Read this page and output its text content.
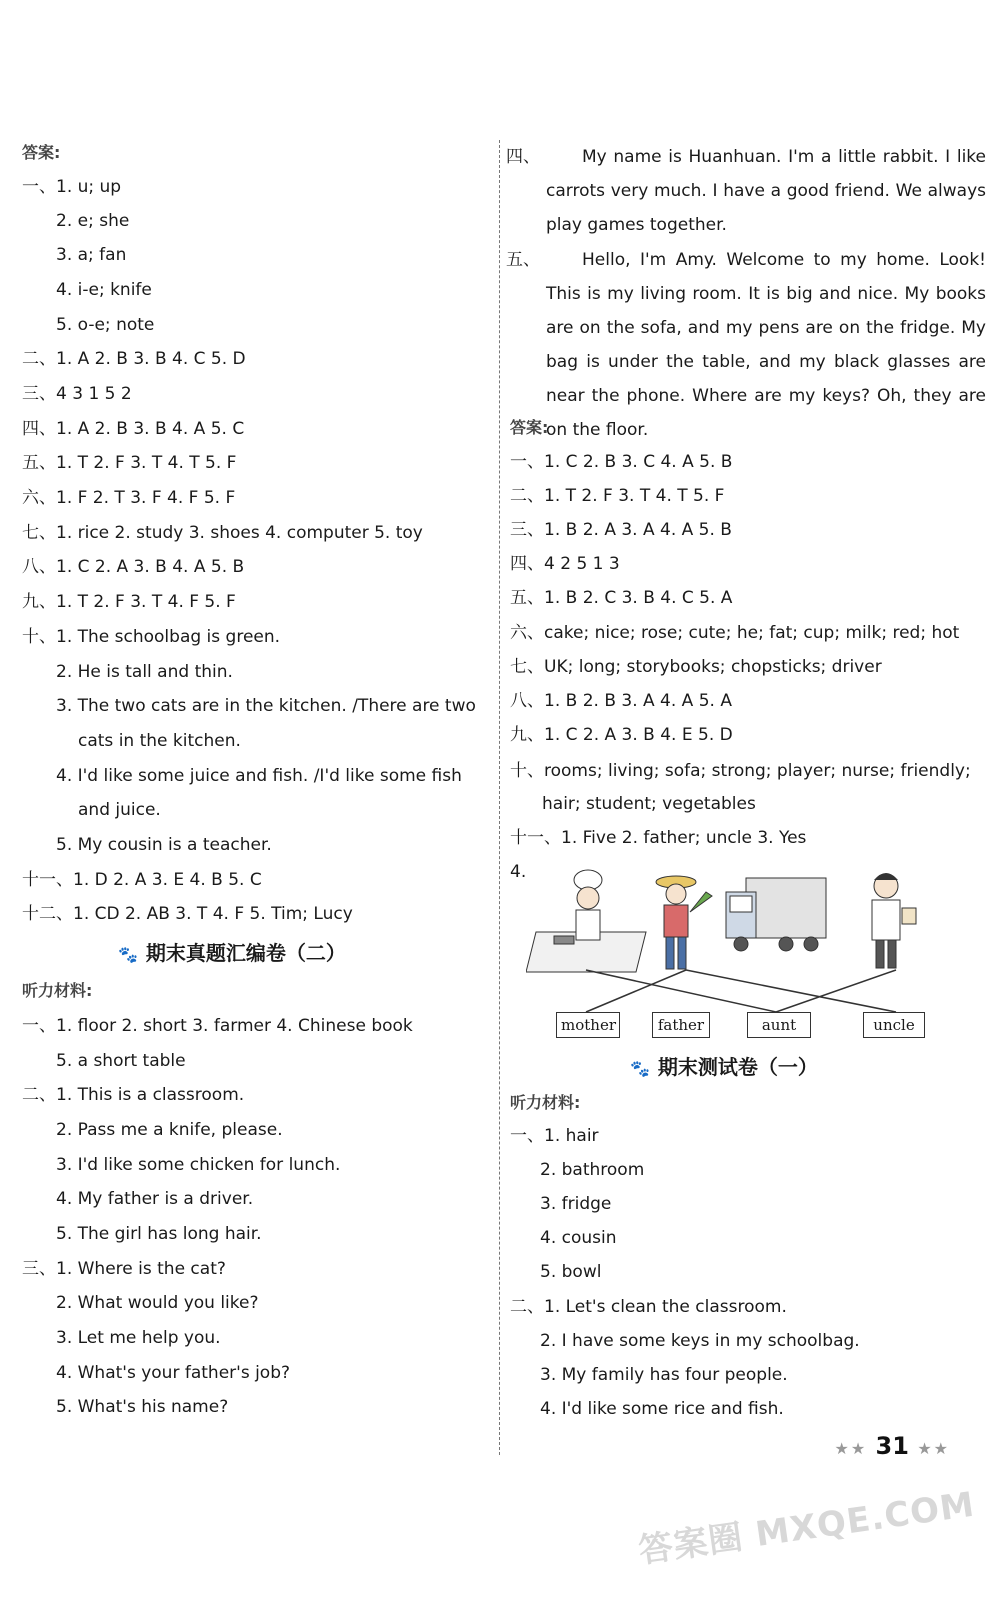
答案:
一、1. u; up
2. e; she
3. a; fan
4. i-e; knife
5. o-e; note
二、1. A 2. B 3. B 4. C 5. D
三、4 3 1 5 2
四、1. A 2. B 3. B 4. A 5. C
五、1. T 2. F 3. T 4. T 5. F
六、1. F 2. T 3. F 4. F 5. F
七、1. rice 2. study 3. shoes 4. computer 5. toy
八、1. C 2. A 3. B 4. A 5. B
九、1. T 2. F 3. T 4. F 5. F
十、1. The schoolbag is green.
2. He is tall and thin.
3. The two cats are in the kitchen. /There are two
cats in the kitchen.
4. I'd like some juice and fish. /I'd like some fish
and juice.
5. My cousin is a teacher.
十一、1. D 2. A 3. E 4. B 5. C
十二、1. CD 2. AB 3. T 4. F 5. Tim; Lucy
🐾 期末真题汇编卷（二）
听力材料:
一、1. floor 2. short 3. farmer 4. Chinese book
5. a short table
二、1. This is a classroom.
2. Pass me a knife, please.
3. I'd like some chicken for lunch.
4. My father is a driver.
5. The girl has long hair.
三、1. Where is the cat?
2. What would you like?
3. Let me help you.
4. What's your father's job?
5. What's his name?
四、	My name is Huanhuan. I'm a little rabbit. I like carrots very much. I have a good friend. We always play games together.
五、	Hello, I'm Amy. Welcome to my home. Look! This is my living room. It is big and nice. My books are on the sofa, and my pens are on the fridge. My bag is under the table, and my black glasses are near the phone. Where are my keys? Oh, they are on the floor.
答案:
一、1. C 2. B 3. C 4. A 5. B
二、1. T 2. F 3. T 4. T 5. F
三、1. B 2. A 3. A 4. A 5. B
四、4 2 5 1 3
五、1. B 2. C 3. B 4. C 5. A
六、cake; nice; rose; cute; he; fat; cup; milk; red; hot
七、UK; long; storybooks; chopsticks; driver
八、1. B 2. B 3. A 4. A 5. A
九、1. C 2. A 3. B 4. E 5. D
十、rooms; living; sofa; strong; player; nurse; friendly;
hair; student; vegetables
十一、1. Five 2. father; uncle 3. Yes
4.
mother	father	aunt	uncle
🐾 期末测试卷（一）
听力材料:
一、1. hair
2. bathroom
3. fridge
4. cousin
5. bowl
二、1. Let's clean the classroom.
2. I have some keys in my schoolbag.
3. My family has four people.
4. I'd like some rice and fish.
★★ 31 ★★
答案圈 MXQE.COM
